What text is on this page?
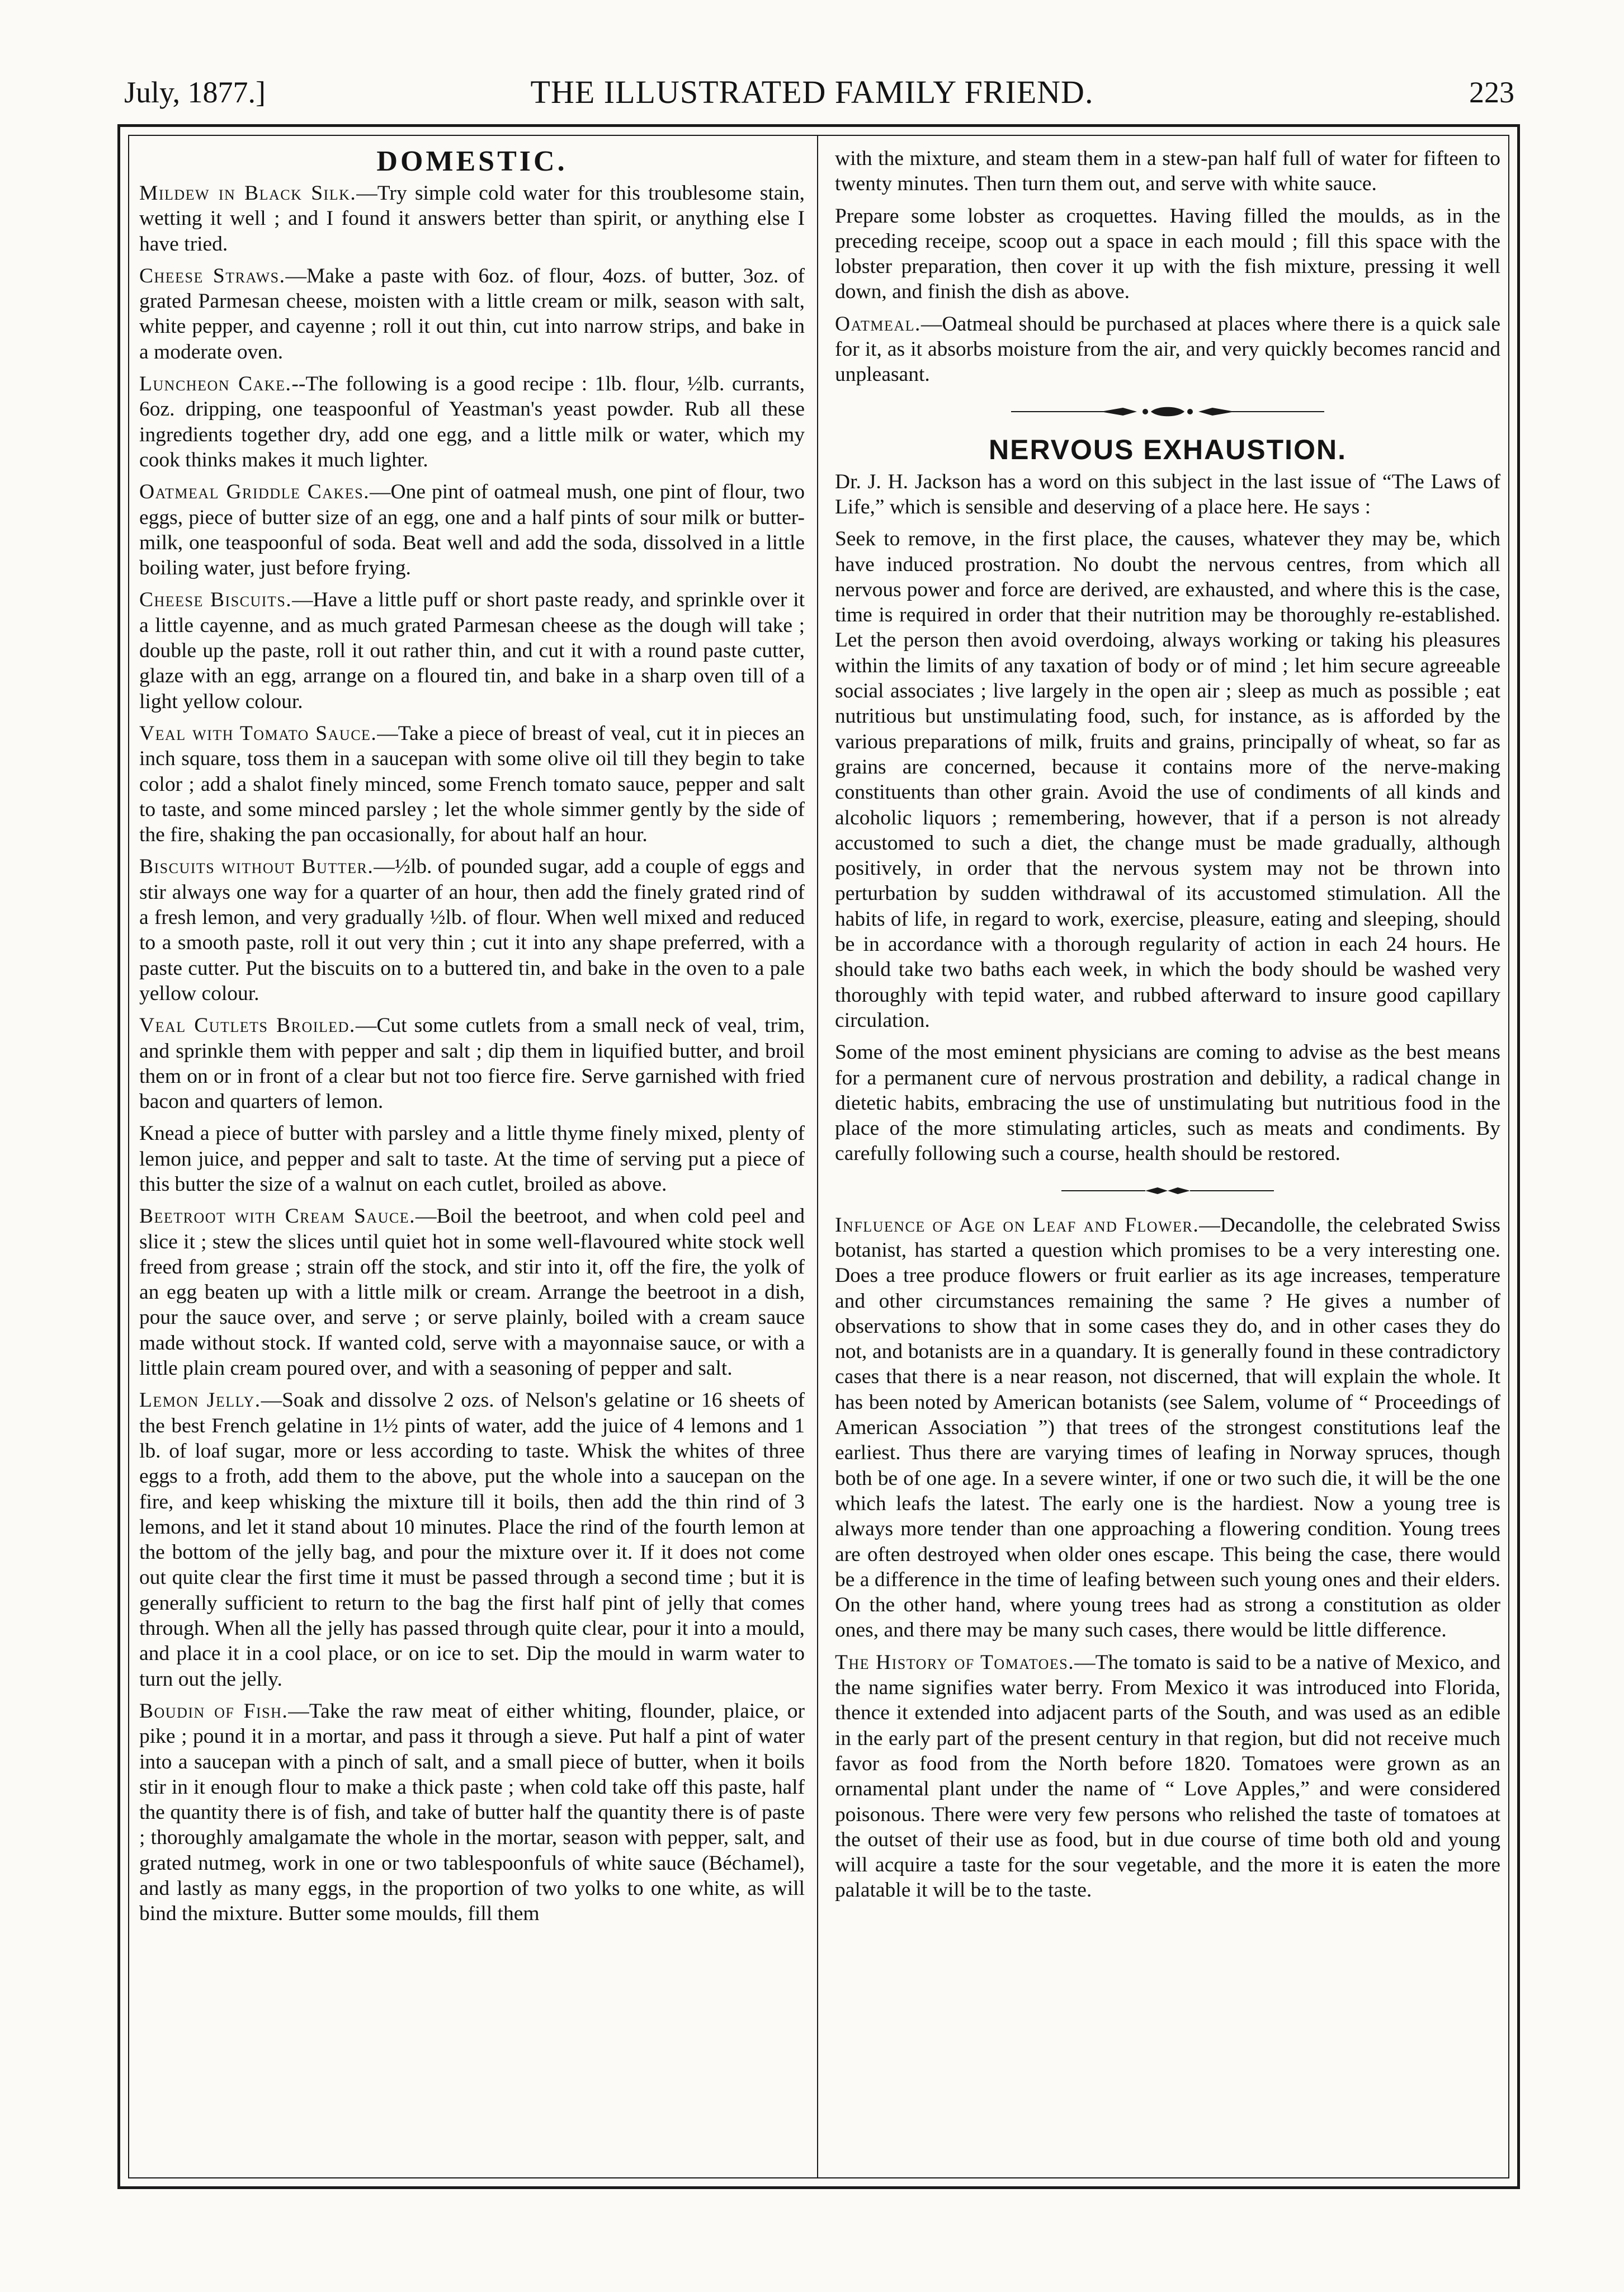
July, 1877.]	THE ILLUSTRATED FAMILY FRIEND.	223
DOMESTIC.

Mildew in Black Silk.—Try simple cold water for this troublesome stain, wetting it well ; and I found it answers better than spirit, or anything else I have tried.

Cheese Straws.—Make a paste with 6oz. of flour, 4ozs. of butter, 3oz. of grated Parmesan cheese, moisten with a little cream or milk, season with salt, white pepper, and cayenne ; roll it out thin, cut into narrow strips, and bake in a moderate oven.

Luncheon Cake.--The following is a good recipe : 1lb. flour, ½lb. currants, 6oz. dripping, one teaspoonful of Yeastman's yeast powder. Rub all these ingredients together dry, add one egg, and a little milk or water, which my cook thinks makes it much lighter.

Oatmeal Griddle Cakes.—One pint of oatmeal mush, one pint of flour, two eggs, piece of butter size of an egg, one and a half pints of sour milk or butter-milk, one teaspoonful of soda. Beat well and add the soda, dissolved in a little boiling water, just before frying.

Cheese Biscuits.—Have a little puff or short paste ready, and sprinkle over it a little cayenne, and as much grated Parmesan cheese as the dough will take ; double up the paste, roll it out rather thin, and cut it with a round paste cutter, glaze with an egg, arrange on a floured tin, and bake in a sharp oven till of a light yellow colour.

Veal with Tomato Sauce.—Take a piece of breast of veal, cut it in pieces an inch square, toss them in a saucepan with some olive oil till they begin to take color ; add a shalot finely minced, some French tomato sauce, pepper and salt to taste, and some minced parsley ; let the whole simmer gently by the side of the fire, shaking the pan occasionally, for about half an hour.

Biscuits without Butter.—½lb. of pounded sugar, add a couple of eggs and stir always one way for a quarter of an hour, then add the finely grated rind of a fresh lemon, and very gradually ½lb. of flour. When well mixed and reduced to a smooth paste, roll it out very thin ; cut it into any shape preferred, with a paste cutter. Put the biscuits on to a buttered tin, and bake in the oven to a pale yellow colour.

Veal Cutlets Broiled.—Cut some cutlets from a small neck of veal, trim, and sprinkle them with pepper and salt ; dip them in liquified butter, and broil them on or in front of a clear but not too fierce fire. Serve garnished with fried bacon and quarters of lemon.

Knead a piece of butter with parsley and a little thyme finely mixed, plenty of lemon juice, and pepper and salt to taste. At the time of serving put a piece of this butter the size of a walnut on each cutlet, broiled as above.

Beetroot with Cream Sauce.—Boil the beetroot, and when cold peel and slice it ; stew the slices until quiet hot in some well-flavoured white stock well freed from grease ; strain off the stock, and stir into it, off the fire, the yolk of an egg beaten up with a little milk or cream. Arrange the beetroot in a dish, pour the sauce over, and serve ; or serve plainly, boiled with a cream sauce made without stock. If wanted cold, serve with a mayonnaise sauce, or with a little plain cream poured over, and with a seasoning of pepper and salt.

Lemon Jelly.—Soak and dissolve 2 ozs. of Nelson's gelatine or 16 sheets of the best French gelatine in 1½ pints of water, add the juice of 4 lemons and 1 lb. of loaf sugar, more or less according to taste. Whisk the whites of three eggs to a froth, add them to the above, put the whole into a saucepan on the fire, and keep whisking the mixture till it boils, then add the thin rind of 3 lemons, and let it stand about 10 minutes. Place the rind of the fourth lemon at the bottom of the jelly bag, and pour the mixture over it. If it does not come out quite clear the first time it must be passed through a second time ; but it is generally sufficient to return to the bag the first half pint of jelly that comes through. When all the jelly has passed through quite clear, pour it into a mould, and place it in a cool place, or on ice to set. Dip the mould in warm water to turn out the jelly.

Boudin of Fish.—Take the raw meat of either whiting, flounder, plaice, or pike ; pound it in a mortar, and pass it through a sieve. Put half a pint of water into a saucepan with a pinch of salt, and a small piece of butter, when it boils stir in it enough flour to make a thick paste ; when cold take off this paste, half the quantity there is of fish, and take of butter half the quantity there is of paste ; thoroughly amalgamate the whole in the mortar, season with pepper, salt, and grated nutmeg, work in one or two tablespoonfuls of white sauce (Béchamel), and lastly as many eggs, in the proportion of two yolks to one white, as will bind the mixture. Butter some moulds, fill them

with the mixture, and steam them in a stew-pan half full of water for fifteen to twenty minutes. Then turn them out, and serve with white sauce.

Prepare some lobster as croquettes. Having filled the moulds, as in the preceding receipe, scoop out a space in each mould ; fill this space with the lobster preparation, then cover it up with the fish mixture, pressing it well down, and finish the dish as above.

Oatmeal.—Oatmeal should be purchased at places where there is a quick sale for it, as it absorbs moisture from the air, and very quickly becomes rancid and unpleasant.

NERVOUS EXHAUSTION.

Dr. J. H. Jackson has a word on this subject in the last issue of “The Laws of Life,” which is sensible and deserving of a place here. He says :

Seek to remove, in the first place, the causes, whatever they may be, which have induced prostration. No doubt the nervous centres, from which all nervous power and force are derived, are exhausted, and where this is the case, time is required in order that their nutrition may be thoroughly re-established. Let the person then avoid overdoing, always working or taking his pleasures within the limits of any taxation of body or of mind ; let him secure agreeable social associates ; live largely in the open air ; sleep as much as possible ; eat nutritious but unstimulating food, such, for instance, as is afforded by the various preparations of milk, fruits and grains, principally of wheat, so far as grains are concerned, because it contains more of the nerve-making constituents than other grain. Avoid the use of condiments of all kinds and alcoholic liquors ; remembering, however, that if a person is not already accustomed to such a diet, the change must be made gradually, although positively, in order that the nervous system may not be thrown into perturbation by sudden withdrawal of its accustomed stimulation. All the habits of life, in regard to work, exercise, pleasure, eating and sleeping, should be in accordance with a thorough regularity of action in each 24 hours. He should take two baths each week, in which the body should be washed very thoroughly with tepid water, and rubbed afterward to insure good capillary circulation.

Some of the most eminent physicians are coming to advise as the best means for a permanent cure of nervous prostration and debility, a radical change in dietetic habits, embracing the use of unstimulating but nutritious food in the place of the more stimulating articles, such as meats and condiments. By carefully following such a course, health should be restored.

Influence of Age on Leaf and Flower.—Decandolle, the celebrated Swiss botanist, has started a question which promises to be a very interesting one. Does a tree produce flowers or fruit earlier as its age increases, temperature and other circumstances remaining the same ? He gives a number of observations to show that in some cases they do, and in other cases they do not, and botanists are in a quandary. It is generally found in these contradictory cases that there is a near reason, not discerned, that will explain the whole. It has been noted by American botanists (see Salem, volume of “ Proceedings of American Association ”) that trees of the strongest constitutions leaf the earliest. Thus there are varying times of leafing in Norway spruces, though both be of one age. In a severe winter, if one or two such die, it will be the one which leafs the latest. The early one is the hardiest. Now a young tree is always more tender than one approaching a flowering condition. Young trees are often destroyed when older ones escape. This being the case, there would be a difference in the time of leafing between such young ones and their elders. On the other hand, where young trees had as strong a constitution as older ones, and there may be many such cases, there would be little difference.

The History of Tomatoes.—The tomato is said to be a native of Mexico, and the name signifies water berry. From Mexico it was introduced into Florida, thence it extended into adjacent parts of the South, and was used as an edible in the early part of the present century in that region, but did not receive much favor as food from the North before 1820. Tomatoes were grown as an ornamental plant under the name of “ Love Apples,” and were considered poisonous. There were very few persons who relished the taste of tomatoes at the outset of their use as food, but in due course of time both old and young will acquire a taste for the sour vegetable, and the more it is eaten the more palatable it will be to the taste.
